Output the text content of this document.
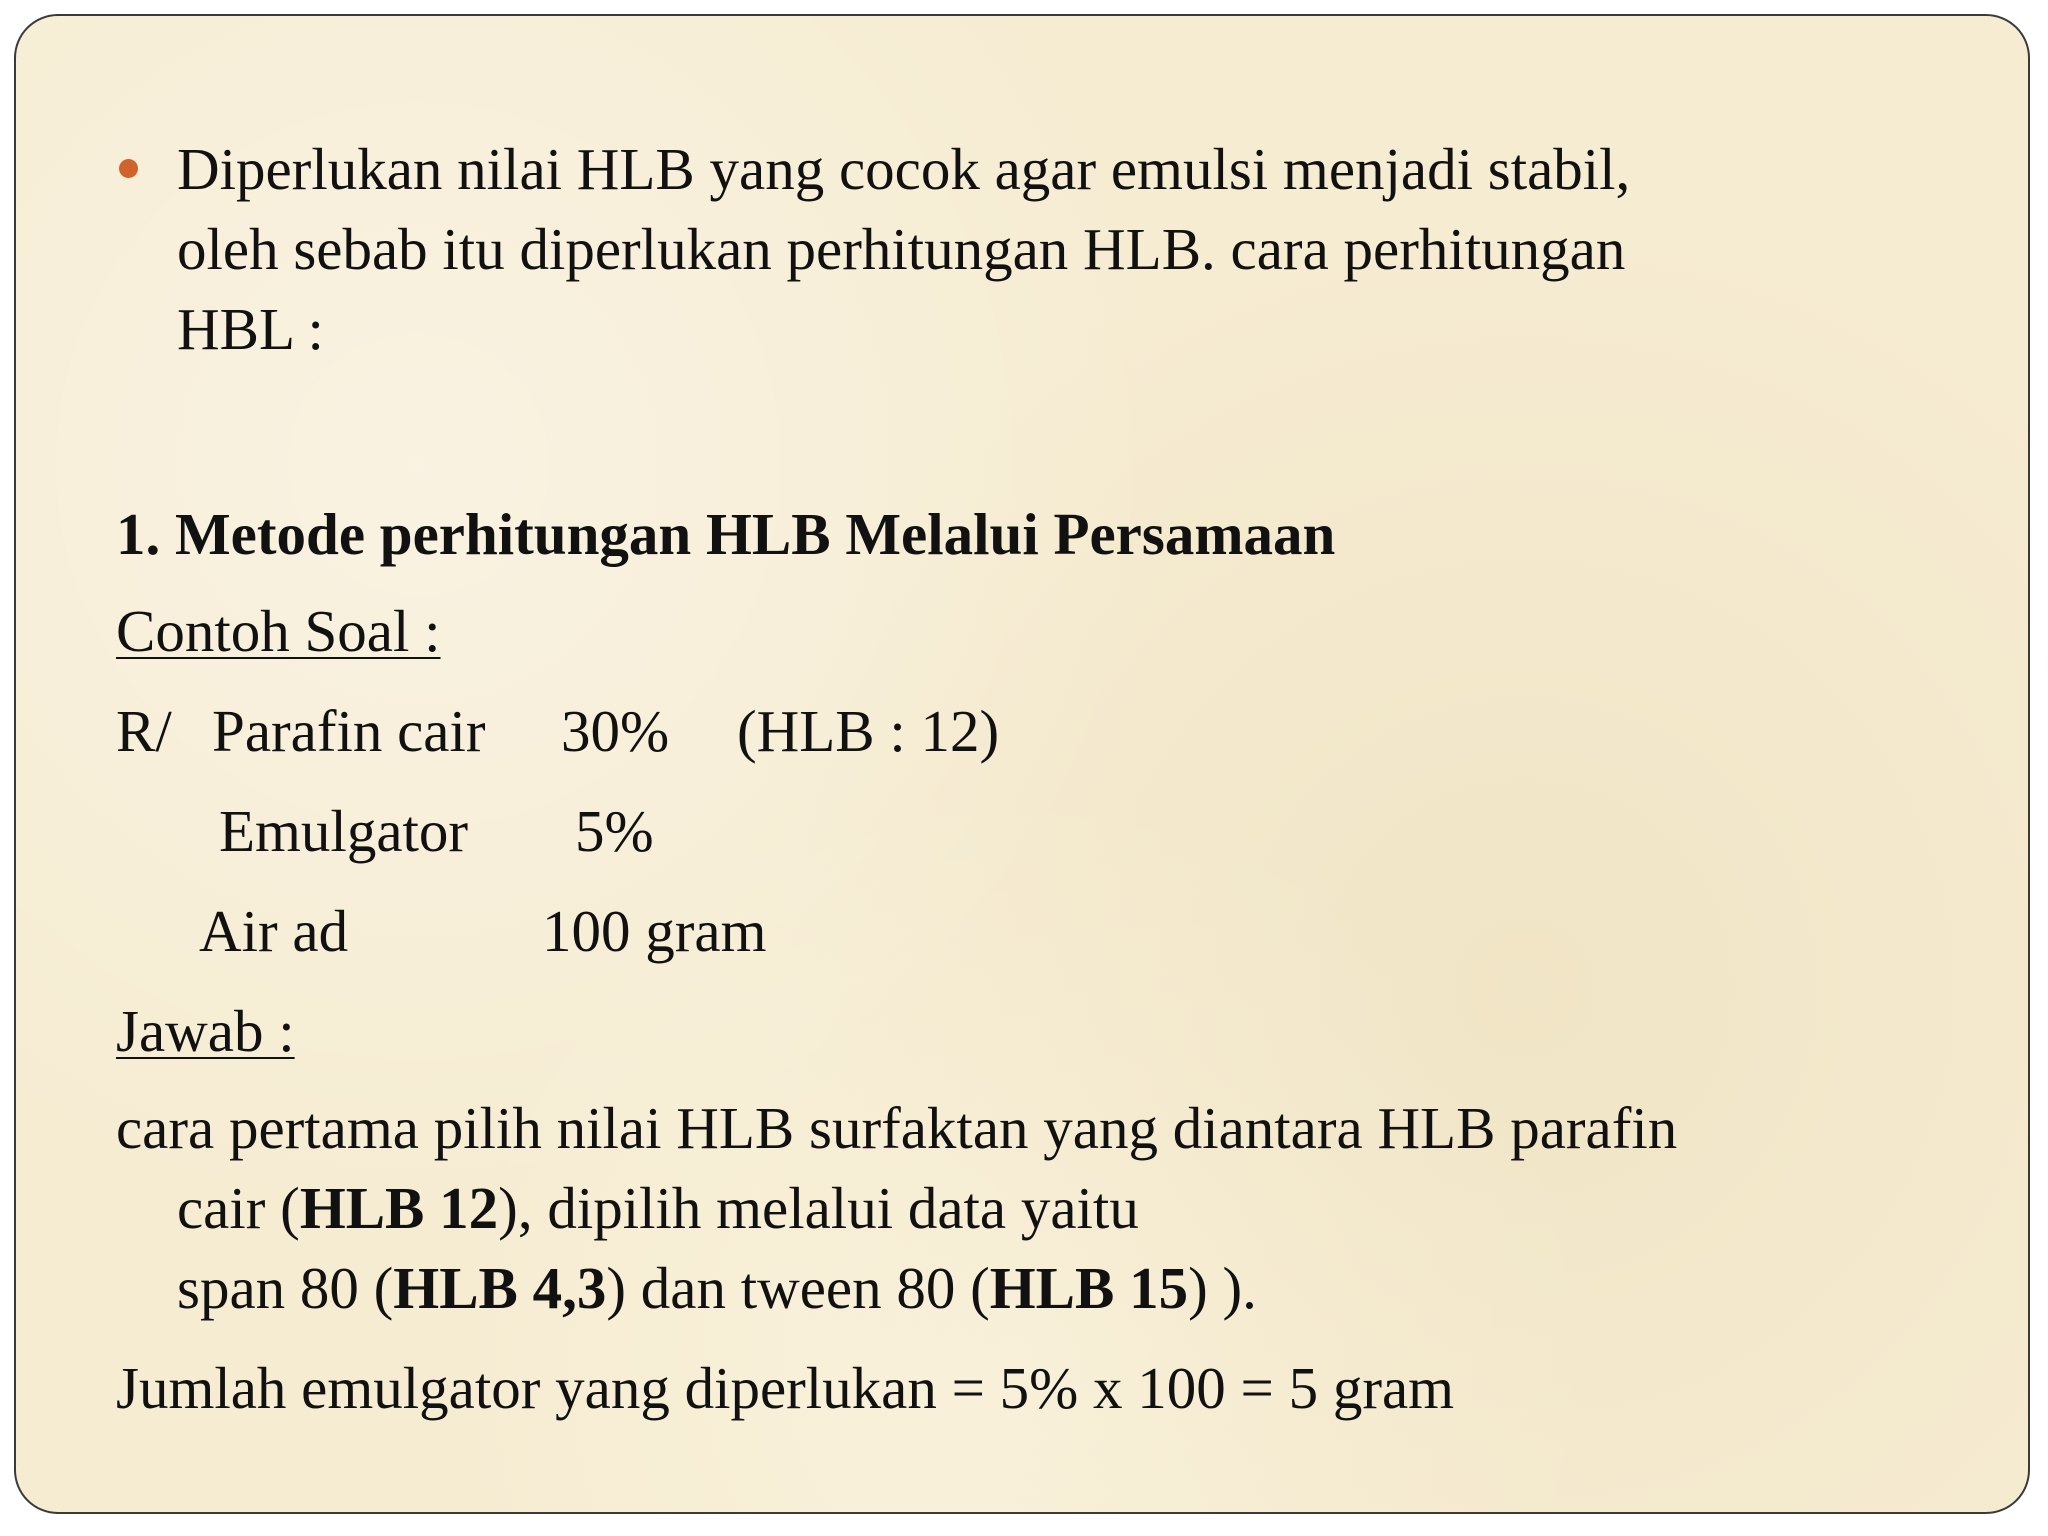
Diperlukan nilai HLB yang cocok agar emulsi menjadi stabil,
oleh sebab itu diperlukan perhitungan HLB. cara perhitungan
HBL :
1. Metode perhitungan HLB Melalui Persamaan
Contoh Soal :
R/ Parafin cair 30% (HLB : 12)
Emulgator 5%
Air ad	100 gram
Jawab :
cara pertama pilih nilai HLB surfaktan yang diantara HLB parafin
cair (HLB 12), dipilih melalui data yaitu
span 80 (HLB 4,3) dan tween 80 (HLB 15) ).
Jumlah emulgator yang diperlukan = 5% x 100 = 5 gram
